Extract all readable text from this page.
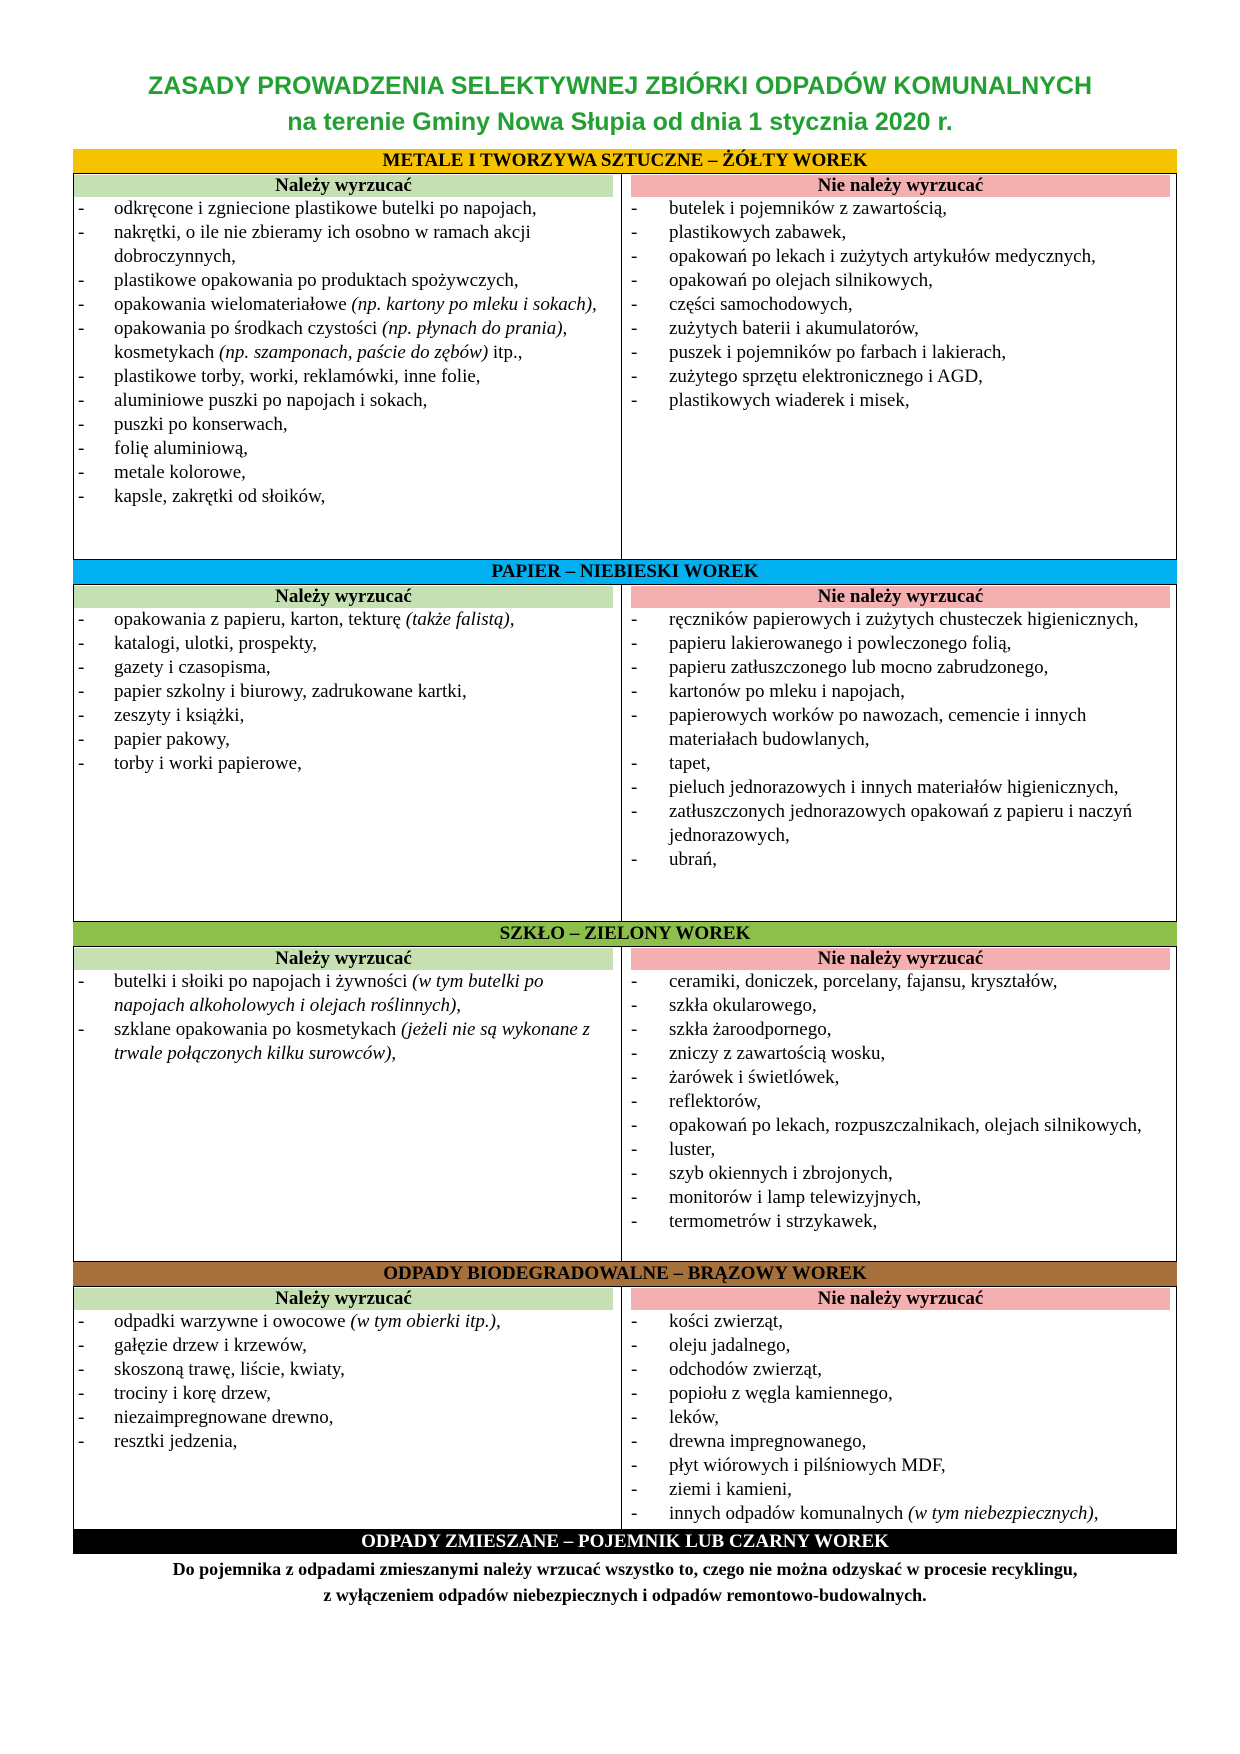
ZASADY PROWADZENIA SELEKTYWNEJ ZBIÓRKI ODPADÓW KOMUNALNYCH
na terenie Gminy Nowa Słupia od dnia 1 stycznia 2020 r.
METALE I TWORZYWA SZTUCZNE – ŻÓŁTY WOREK
Należy wyrzucać
- odkręcone i zgniecione plastikowe butelki po napojach,
- nakrętki, o ile nie zbieramy ich osobno w ramach akcji dobroczynnych,
- plastikowe opakowania po produktach spożywczych,
- opakowania wielomateriałowe (np. kartony po mleku i sokach),
- opakowania po środkach czystości (np. płynach do prania), kosmetykach (np. szamponach, paście do zębów) itp.,
- plastikowe torby, worki, reklamówki, inne folie,
- aluminiowe puszki po napojach i sokach,
- puszki po konserwach,
- folię aluminiową,
- metale kolorowe,
- kapsle, zakrętki od słoików,
Nie należy wyrzucać
- butelek i pojemników z zawartością,
- plastikowych zabawek,
- opakowań po lekach i zużytych artykułów medycznych,
- opakowań po olejach silnikowych,
- części samochodowych,
- zużytych baterii i akumulatorów,
- puszek i pojemników po farbach i lakierach,
- zużytego sprzętu elektronicznego i AGD,
- plastikowych wiaderek i misek,
PAPIER – NIEBIESKI WOREK
Należy wyrzucać
- opakowania z papieru, karton, tekturę (także falistą),
- katalogi, ulotki, prospekty,
- gazety i czasopisma,
- papier szkolny i biurowy, zadrukowane kartki,
- zeszyty i książki,
- papier pakowy,
- torby i worki papierowe,
Nie należy wyrzucać
- ręczników papierowych i zużytych chusteczek higienicznych,
- papieru lakierowanego i powleczonego folią,
- papieru zatłuszczonego lub mocno zabrudzonego,
- kartonów po mleku i napojach,
- papierowych worków po nawozach, cemencie i innych materiałach budowlanych,
- tapet,
- pieluch jednorazowych i innych materiałów higienicznych,
- zatłuszczonych jednorazowych opakowań z papieru i naczyń jednorazowych,
- ubrań,
SZKŁO – ZIELONY WOREK
Należy wyrzucać
- butelki i słoiki po napojach i żywności (w tym butelki po napojach alkoholowych i olejach roślinnych),
- szklane opakowania po kosmetykach (jeżeli nie są wykonane z trwale połączonych kilku surowców),
Nie należy wyrzucać
- ceramiki, doniczek, porcelany, fajansu, kryształów,
- szkła okularowego,
- szkła żaroodpornego,
- zniczy z zawartością wosku,
- żarówek i świetlówek,
- reflektorów,
- opakowań po lekach, rozpuszczalnikach, olejach silnikowych,
- luster,
- szyb okiennych i zbrojonych,
- monitorów i lamp telewizyjnych,
- termometrów i strzykawek,
ODPADY BIODEGRADOWALNE – BRĄZOWY WOREK
Należy wyrzucać
- odpadki warzywne i owocowe (w tym obierki itp.),
- gałęzie drzew i krzewów,
- skoszoną trawę, liście, kwiaty,
- trociny i korę drzew,
- niezaimpregnowane drewno,
- resztki jedzenia,
Nie należy wyrzucać
- kości zwierząt,
- oleju jadalnego,
- odchodów zwierząt,
- popiołu z węgla kamiennego,
- leków,
- drewna impregnowanego,
- płyt wiórowych i pilśniowych MDF,
- ziemi i kamieni,
- innych odpadów komunalnych (w tym niebezpiecznych),
ODPADY ZMIESZANE – POJEMNIK LUB CZARNY WOREK
Do pojemnika z odpadami zmieszanymi należy wrzucać wszystko to, czego nie można odzyskać w procesie recyklingu,
z wyłączeniem odpadów niebezpiecznych i odpadów remontowo-budowalnych.
